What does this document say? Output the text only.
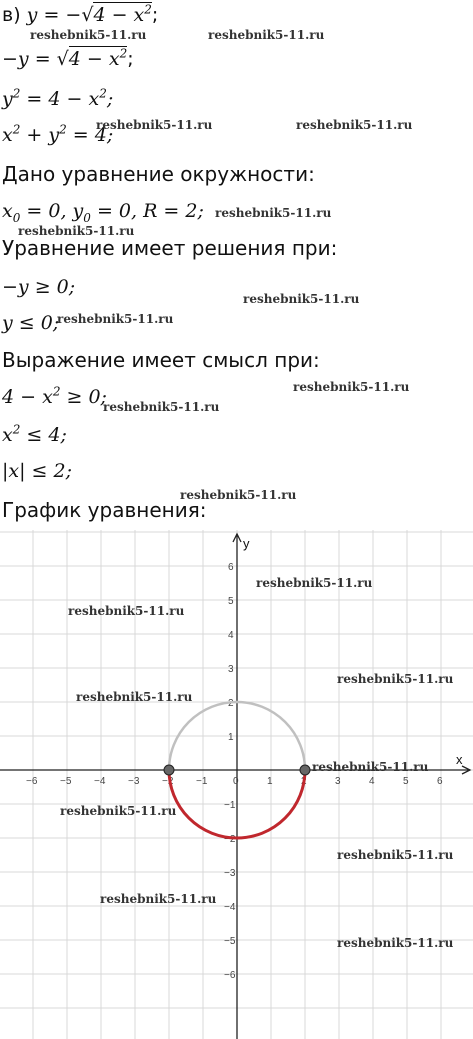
в) $y = -√4 - x^2$;
$-y = √4 - x^2$;
$y^2 = 4 - x^2$;
$x^2 + y^2 = 4$;
Дано уравнение окружности:
$x_0 = 0$, $y_0 = 0$, R = 2;
Уравнение имеет решения при:
−y ≥ 0;
y ≤ 0;
Выражение имеет смысл при:
$4 - x^2 \ge 0$;
$x^2 \le 4$;
|x| ≤ 2;
График уравнения:
−6 −5 −4 −3 −2 −1	0	1	2	3	4	5	6
6
5
4
3
2
1
−1
−2
−3
−4
−5
−6
x
y
reshebnik5-11.ru	reshebnik5-11.ru
reshebnik5-11.ru	reshebnik5-11.ru
reshebnik5-11.ru
reshebnik5-11.ru
reshebnik5-11.ru
reshebnik5-11.ru
reshebnik5-11.ru
reshebnik5-11.ru
reshebnik5-11.ru
reshebnik5-11.ru
reshebnik5-11.ru
reshebnik5-11.ru
reshebnik5-11.ru
reshebnik5-11.ru
reshebnik5-11.ru
reshebnik5-11.ru
reshebnik5-11.ru
reshebnik5-11.ru
